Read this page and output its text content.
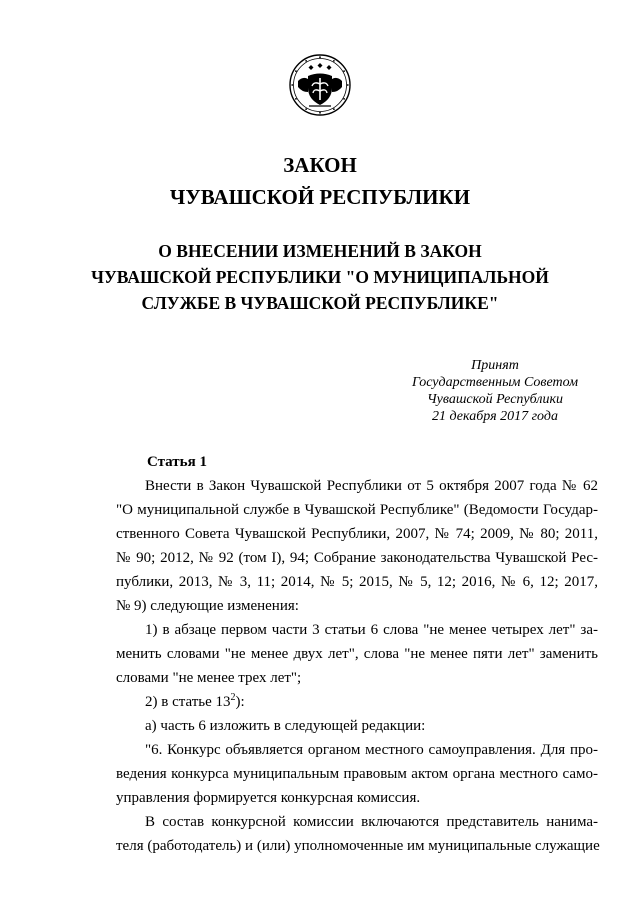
ЗАКОН
ЧУВАШСКОЙ РЕСПУБЛИКИ
О ВНЕСЕНИИ ИЗМЕНЕНИЙ В ЗАКОН
ЧУВАШСКОЙ РЕСПУБЛИКИ "О МУНИЦИПАЛЬНОЙ
СЛУЖБЕ В ЧУВАШСКОЙ РЕСПУБЛИКЕ"
Принят
Государственным Советом
Чувашской Республики
21 декабря 2017 года
Статья 1
Внести в Закон Чувашской Республики от 5 октября 2007 года № 62
"О муниципальной службе в Чувашской Республике" (Ведомости Государ-
ственного Совета Чувашской Республики, 2007, № 74; 2009, № 80; 2011,
№ 90; 2012, № 92 (том I), 94; Собрание законодательства Чувашской Рес-
публики, 2013, № 3, 11; 2014, № 5; 2015, № 5, 12; 2016, № 6, 12; 2017,
№ 9) следующие изменения:
1) в абзаце первом части 3 статьи 6 слова "не менее четырех лет" за-
менить словами "не менее двух лет", слова "не менее пяти лет" заменить
словами "не менее трех лет";
2) в статье $13^2$):
а) часть 6 изложить в следующей редакции:
"6. Конкурс объявляется органом местного самоуправления. Для про-
ведения конкурса муниципальным правовым актом органа местного само-
управления формируется конкурсная комиссия.
В состав конкурсной комиссии включаются представитель нанима-
теля (работодатель) и (или) уполномоченные им муниципальные служащие
